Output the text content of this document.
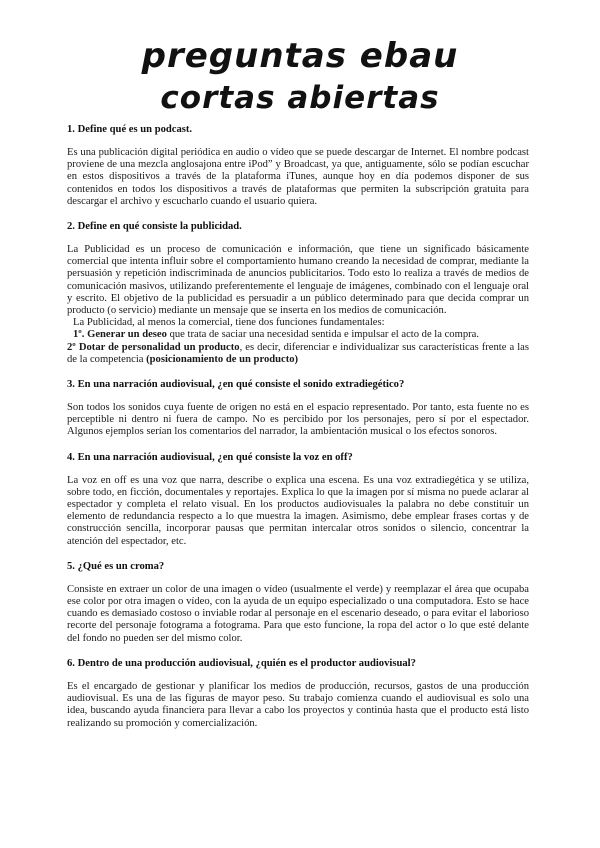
preguntas ebau
cortas abiertas
1. Define qué es un podcast.
Es una publicación digital periódica en audio o vídeo que se puede descargar de Internet. El nombre podcast proviene de una mezcla anglosajona entre iPod” y Broadcast, ya que, antiguamente, sólo se podían escuchar en estos dispositivos a través de la plataforma iTunes, aunque hoy en día podemos disponer de sus contenidos en todos los dispositivos a través de plataformas que permiten la subscripción gratuita para descargar el archivo y escucharlo cuando el usuario quiera.
2. Define en qué consiste la publicidad.
La Publicidad es un proceso de comunicación e información, que tiene un significado básicamente comercial que intenta influir sobre el comportamiento humano creando la necesidad de comprar, mediante la persuasión y repetición indiscriminada de anuncios publicitarios. Todo esto lo realiza a través de medios de comunicación masivos, utilizando preferentemente el lenguaje de imágenes, combinado con el lenguaje oral y escrito. El objetivo de la publicidad es persuadir a un público determinado para que decida comprar un producto (o servicio) mediante un mensaje que se inserta en los medios de comunicación.
La Publicidad, al menos la comercial, tiene dos funciones fundamentales:
1º. Generar un deseo que trata de saciar una necesidad sentida e impulsar el acto de la compra.
2º Dotar de personalidad un producto, es decir, diferenciar e individualizar sus características frente a las de la competencia (posicionamiento de un producto)
3. En una narración audiovisual, ¿en qué consiste el sonido extradiegético?
Son todos los sonidos cuya fuente de origen no está en el espacio representado. Por tanto, esta fuente no es perceptible ni dentro ni fuera de campo. No es percibido por los personajes, pero sí por el espectador. Algunos ejemplos serían los comentarios del narrador, la ambientación musical o los efectos sonoros.
4. En una narración audiovisual, ¿en qué consiste la voz en off?
La voz en off es una voz que narra, describe o explica una escena. Es una voz extradiegética y se utiliza, sobre todo, en ficción, documentales y reportajes. Explica lo que la imagen por sí misma no puede aclarar al espectador y completa el relato visual. En los productos audiovisuales la palabra no debe constituir un elemento de redundancia respecto a lo que muestra la imagen. Asimismo, debe emplear frases cortas y de construcción sencilla, incorporar pausas que permitan intercalar otros sonidos o silencio, concentrar la atención del espectador, etc.
5. ¿Qué es un croma?
Consiste en extraer un color de una imagen o vídeo (usualmente el verde) y reemplazar el área que ocupaba ese color por otra imagen o vídeo, con la ayuda de un equipo especializado o una computadora. Esto se hace cuando es demasiado costoso o inviable rodar al personaje en el escenario deseado, o para evitar el laborioso recorte del personaje fotograma a fotograma. Para que esto funcione, la ropa del actor o lo que esté delante del fondo no pueden ser del mismo color.
6. Dentro de una producción audiovisual, ¿quién es el productor audiovisual?
Es el encargado de gestionar y planificar los medios de producción, recursos, gastos de una producción audiovisual. Es una de las figuras de mayor peso. Su trabajo comienza cuando el audiovisual es solo una idea, buscando ayuda financiera para llevar a cabo los proyectos y continúa hasta que el producto está listo realizando su promoción y comercialización.
